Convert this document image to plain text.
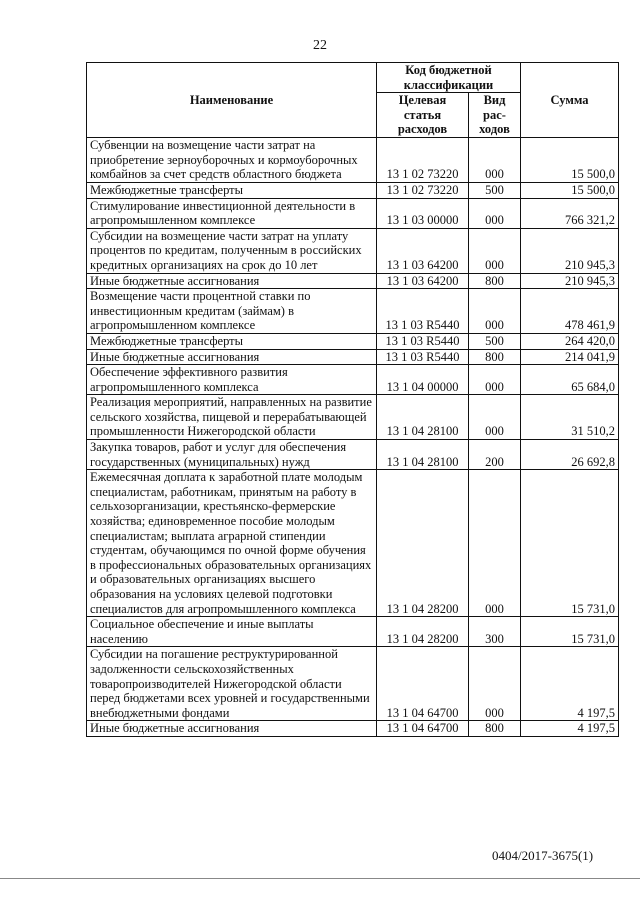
22
Наименование	Код бюджетной классификации		Сумма
	Целевая статья расходов	Вид рас-ходов	
Субвенции на возмещение части затрат на приобретение зерноуборочных и кормоуборочных комбайнов за счет средств областного бюджета	13 1 02 73220	000	15 500,0
Межбюджетные трансферты	13 1 02 73220	500	15 500,0
Стимулирование инвестиционной деятельности в агропромышленном комплексе	13 1 03 00000	000	766 321,2
Субсидии на возмещение части затрат на уплату процентов по кредитам, полученным в российских кредитных организациях на срок до 10 лет	13 1 03 64200	000	210 945,3
Иные бюджетные ассигнования	13 1 03 64200	800	210 945,3
Возмещение части процентной ставки по инвестиционным кредитам (займам) в агропромышленном комплексе	13 1 03 R5440	000	478 461,9
Межбюджетные трансферты	13 1 03 R5440	500	264 420,0
Иные бюджетные ассигнования	13 1 03 R5440	800	214 041,9
Обеспечение эффективного развития агропромышленного комплекса	13 1 04 00000	000	65 684,0
Реализация мероприятий, направленных на развитие сельского хозяйства, пищевой и перерабатывающей промышленности Нижегородской области	13 1 04 28100	000	31 510,2
Закупка товаров, работ и услуг для обеспечения государственных (муниципальных) нужд	13 1 04 28100	200	26 692,8
Ежемесячная доплата к заработной плате молодым специалистам, работникам, принятым на работу в сельхозорганизации, крестьянско-фермерские хозяйства; единовременное пособие молодым специалистам; выплата аграрной стипендии студентам, обучающимся по очной форме обучения в профессиональных образовательных организациях и образовательных организациях высшего образования на условиях целевой подготовки специалистов для агропромышленного комплекса	13 1 04 28200	000	15 731,0
Социальное обеспечение и иные выплаты населению	13 1 04 28200	300	15 731,0
Субсидии на погашение реструктурированной задолженности сельскохозяйственных товаропроизводителей Нижегородской области перед бюджетами всех уровней и государственными внебюджетными фондами	13 1 04 64700	000	4 197,5
Иные бюджетные ассигнования	13 1 04 64700	800	4 197,5
0404/2017-3675(1)
